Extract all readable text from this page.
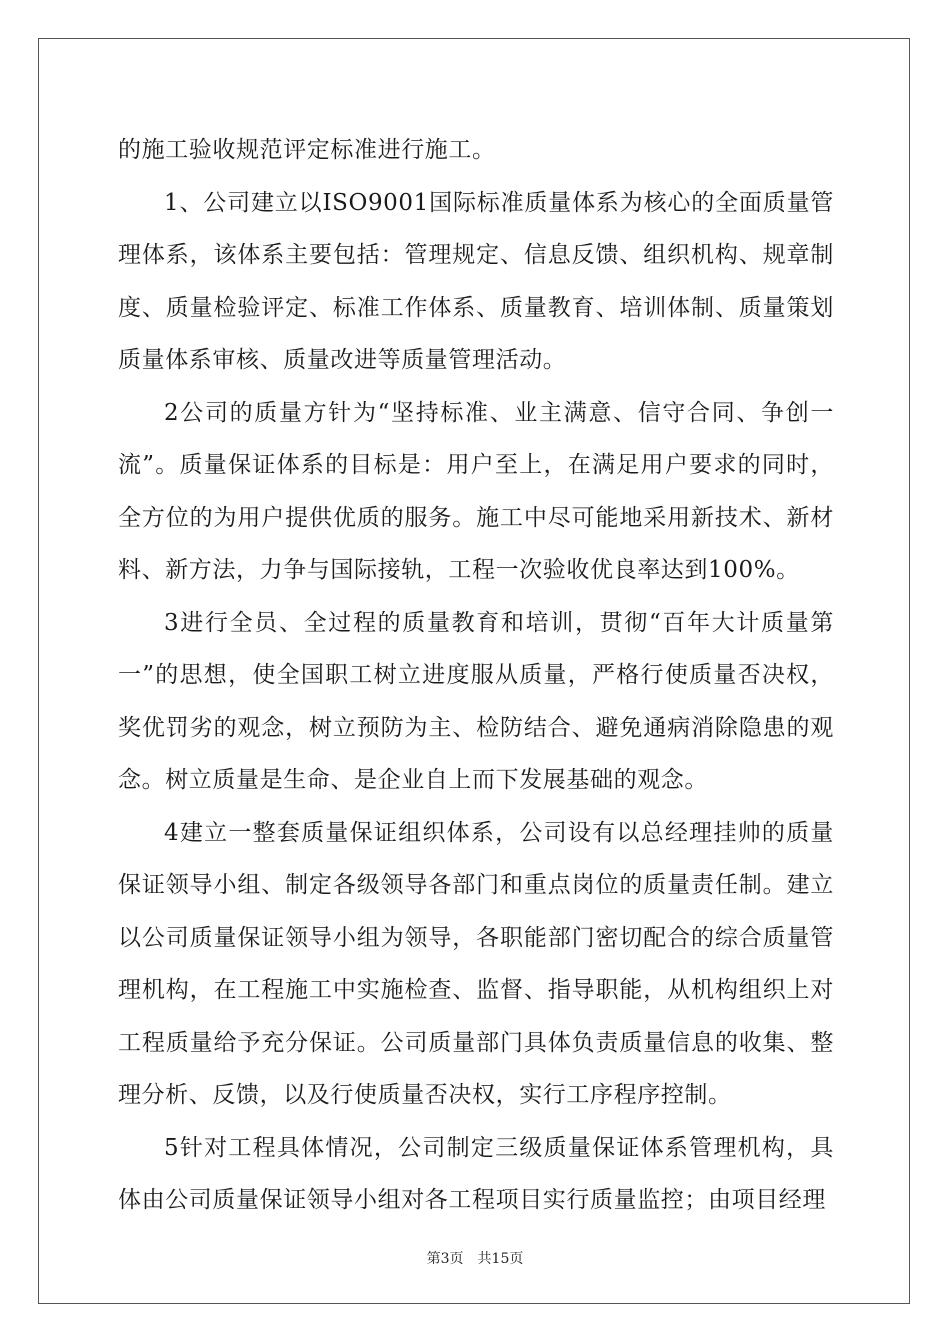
的施工验收规范评定标准进行施工。

1、公司建立以ISO9001国际标准质量体系为核心的全面质量管理体系，该体系主要包括：管理规定、信息反馈、组织机构、规章制度、质量检验评定、标准工作体系、质量教育、培训体制、质量策划质量体系审核、质量改进等质量管理活动。

2公司的质量方针为“坚持标准、业主满意、信守合同、争创一流”。质量保证体系的目标是：用户至上，在满足用户要求的同时，全方位的为用户提供优质的服务。施工中尽可能地采用新技术、新材料、新方法，力争与国际接轨，工程一次验收优良率达到100%。

3进行全员、全过程的质量教育和培训，贯彻“百年大计质量第一”的思想，使全国职工树立进度服从质量，严格行使质量否决权，奖优罚劣的观念，树立预防为主、检防结合、避免通病消除隐患的观念。树立质量是生命、是企业自上而下发展基础的观念。

4建立一整套质量保证组织体系，公司设有以总经理挂帅的质量保证领导小组、制定各级领导各部门和重点岗位的质量责任制。建立以公司质量保证领导小组为领导，各职能部门密切配合的综合质量管理机构，在工程施工中实施检查、监督、指导职能，从机构组织上对工程质量给予充分保证。公司质量部门具体负责质量信息的收集、整理分析、反馈，以及行使质量否决权，实行工序程序控制。

5针对工程具体情况，公司制定三级质量保证体系管理机构，具体由公司质量保证领导小组对各工程项目实行质量监控；由项目经理

第3页 共15页
